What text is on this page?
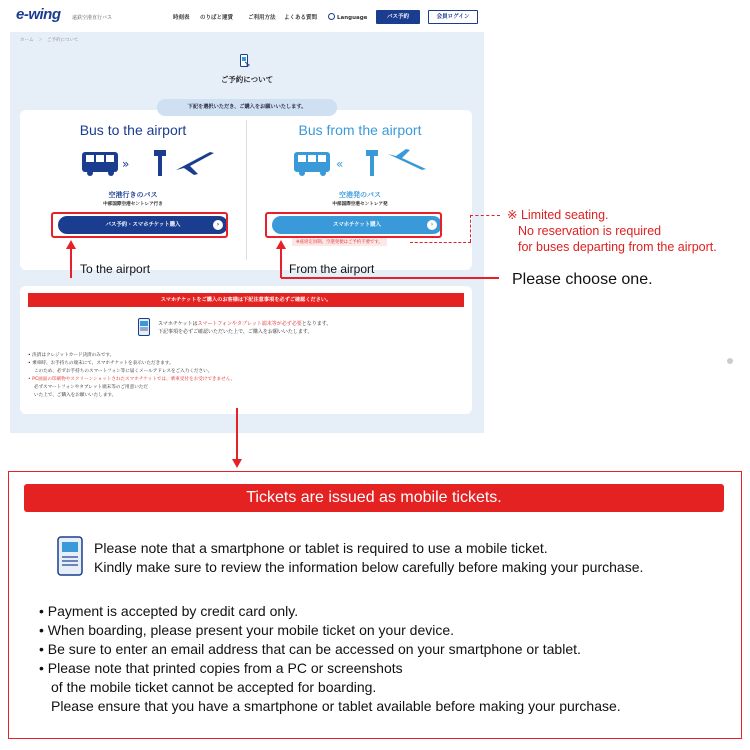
e-wing 遠鉄空港直行バス	時刻表 のりばと運賃	ご利用方法 よくある質問	Language	バス予約	会員ログイン
ホーム　＞　ご予約について
ご予約について
Bus to the airport
»
空港行きのバス
中部国際空港セントレア行き
バス予約・スマホチケット購入	›
Bus from the airport
«
空港発のバス
中部国際空港セントレア発
スマホチケット購入	›
※座席定員制。空港発便はご予約不要です。
下記を選択いただき、ご購入をお願いいたします。
スマホチケットをご購入のお客様は下記注意事項を必ずご確認ください。
スマホチケットはスマートフォンやタブレット端末等が必ず必要となります。
下記事項を必ずご確認いただいた上で、ご購入をお願いいたします。
• 決済はクレジットカード決済のみです。
• 乗車時、お手持ちの端末にて、スマホチケットを表示いただきます。
このため、必ずお手持ちのスマートフォン等に届くメールアドレスをご入力ください。
• PC画面の印刷物やスクリーンショットされたスマホチケットでは、乗車受付をお受けできません。
必ずスマートフォンやタブレット端末等のご用意いただ
いた上で、ご購入をお願いいたします。
To the airport	From the airport
Please choose one.
※ Limited seating.
No reservation is required
for buses departing from the airport.
Tickets are issued as mobile tickets.
Please note that a smartphone or tablet is required to use a mobile ticket.
Kindly make sure to review the information below carefully before making your purchase.
• Payment is accepted by credit card only.
• When boarding, please present your mobile ticket on your device.
• Be sure to enter an email address that can be accessed on your smartphone or tablet.
• Please note that printed copies from a PC or screenshots
of the mobile ticket cannot be accepted for boarding.
Please ensure that you have a smartphone or tablet available before making your purchase.
